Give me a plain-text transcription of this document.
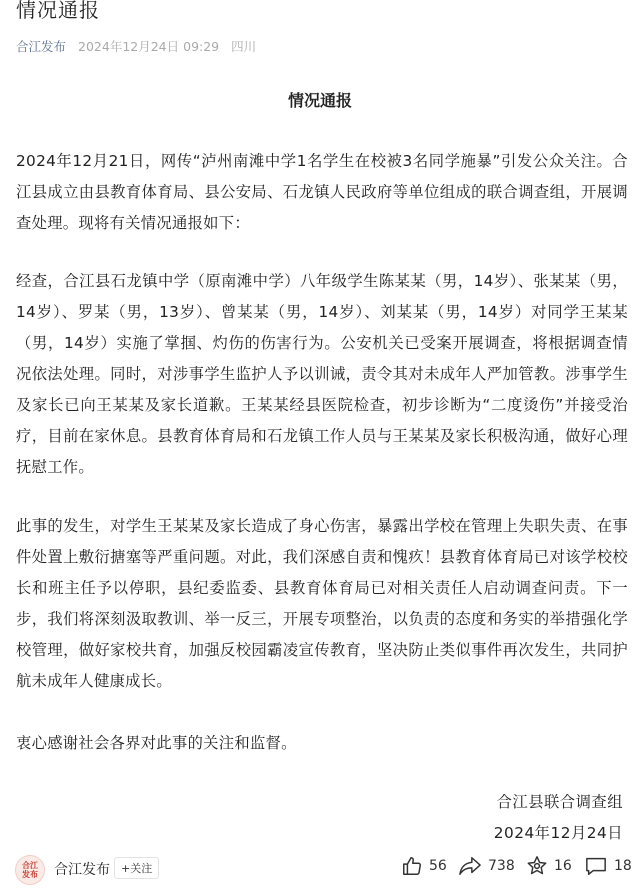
情况通报
合江发布 2024年12月24日 09:29 四川
情况通报

2024年12月21日，网传“泸州南滩中学1名学生在校被3名同学施暴”引发公众关注。合江县成立由县教育体育局、县公安局、石龙镇人民政府等单位组成的联合调查组，开展调查处理。现将有关情况通报如下：

经查，合江县石龙镇中学（原南滩中学）八年级学生陈某某（男，14岁）、张某某（男，14岁）、罗某（男，13岁）、曾某某（男，14岁）、刘某某（男，14岁）对同学王某某（男，14岁）实施了掌掴、灼伤的伤害行为。公安机关已受案开展调查，将根据调查情况依法处理。同时，对涉事学生监护人予以训诫，责令其对未成年人严加管教。涉事学生及家长已向王某某及家长道歉。王某某经县医院检查，初步诊断为“二度烫伤”并接受治疗，目前在家休息。县教育体育局和石龙镇工作人员与王某某及家长积极沟通，做好心理抚慰工作。

此事的发生，对学生王某某及家长造成了身心伤害，暴露出学校在管理上失职失责、在事件处置上敷衍搪塞等严重问题。对此，我们深感自责和愧疚！县教育体育局已对该学校校长和班主任予以停职，县纪委监委、县教育体育局已对相关责任人启动调查问责。下一步，我们将深刻汲取教训、举一反三，开展专项整治，以负责的态度和务实的举措强化学校管理，做好家校共育，加强反校园霸凌宣传教育，坚决防止类似事件再次发生，共同护航未成年人健康成长。

衷心感谢社会各界对此事的关注和监督。

合江县联合调查组
2024年12月24日
合江
发布 合江发布	+关注	56	738	16	18
